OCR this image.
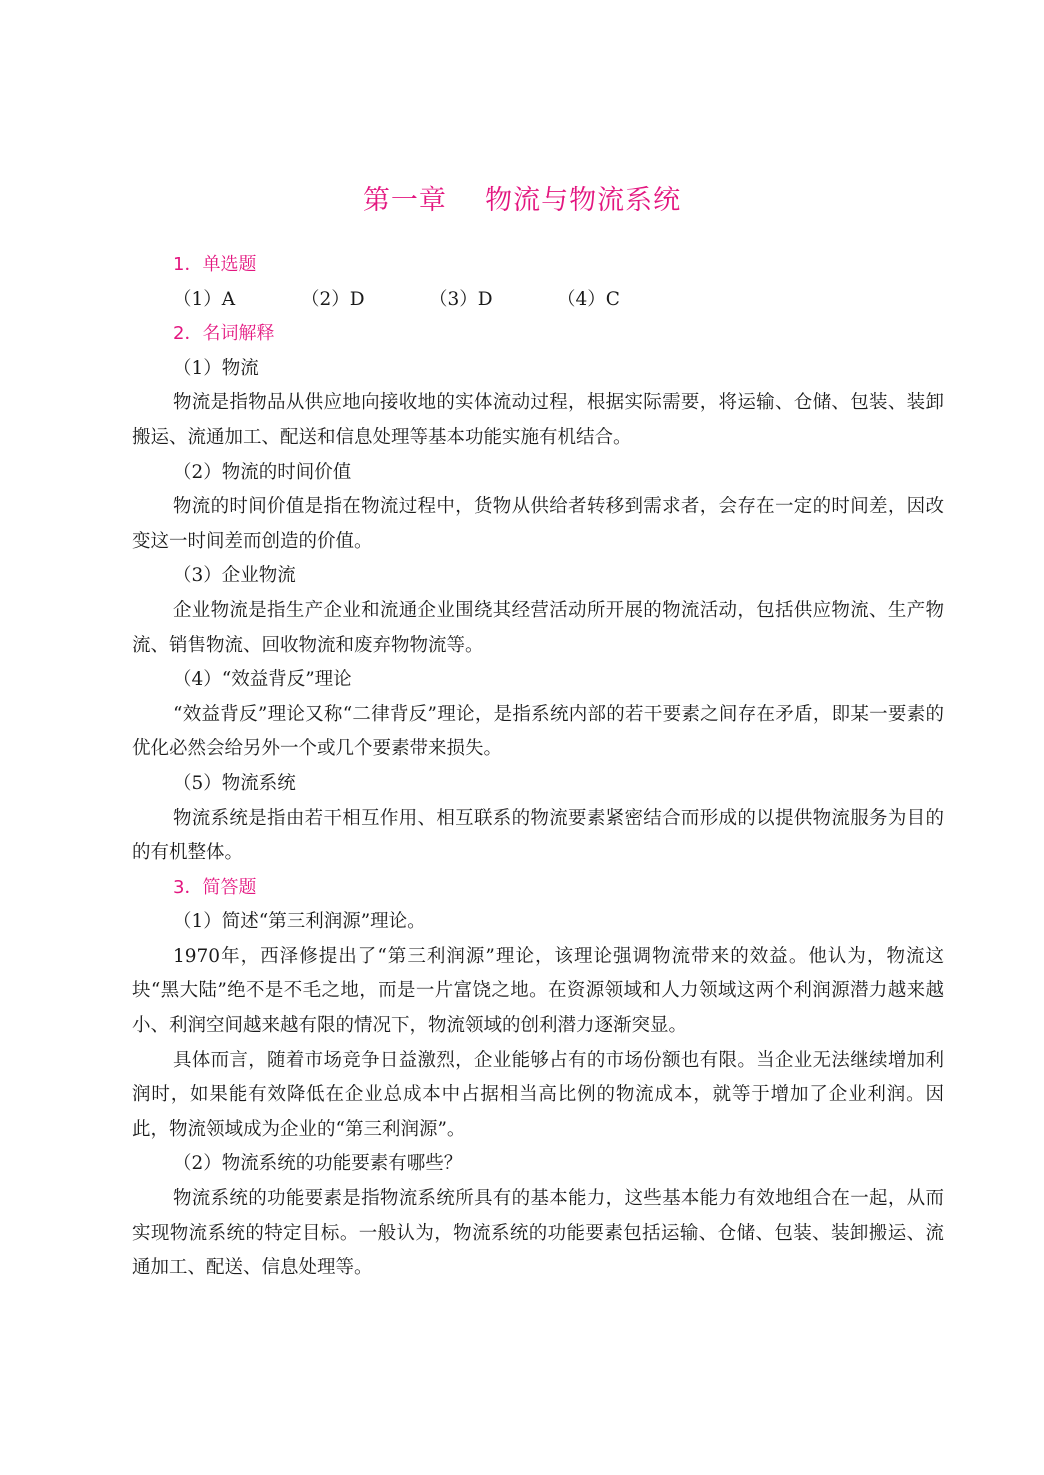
第一章    物流与物流系统

1．单选题

（1）A	（2）D	（3）D	（4）C

2．名词解释

（1）物流

物流是指物品从供应地向接收地的实体流动过程，根据实际需要，将运输、仓储、包装、装卸搬运、流通加工、配送和信息处理等基本功能实施有机结合。

（2）物流的时间价值

物流的时间价值是指在物流过程中，货物从供给者转移到需求者，会存在一定的时间差，因改变这一时间差而创造的价值。

（3）企业物流

企业物流是指生产企业和流通企业围绕其经营活动所开展的物流活动，包括供应物流、生产物流、销售物流、回收物流和废弃物物流等。

（4）“效益背反”理论

“效益背反”理论又称“二律背反”理论，是指系统内部的若干要素之间存在矛盾，即某一要素的优化必然会给另外一个或几个要素带来损失。

（5）物流系统

物流系统是指由若干相互作用、相互联系的物流要素紧密结合而形成的以提供物流服务为目的的有机整体。

3．简答题

（1）简述“第三利润源”理论。

1970年，西泽修提出了“第三利润源”理论，该理论强调物流带来的效益。他认为，物流这块“黑大陆”绝不是不毛之地，而是一片富饶之地。在资源领域和人力领域这两个利润源潜力越来越小、利润空间越来越有限的情况下，物流领域的创利潜力逐渐突显。

具体而言，随着市场竞争日益激烈，企业能够占有的市场份额也有限。当企业无法继续增加利润时，如果能有效降低在企业总成本中占据相当高比例的物流成本，就等于增加了企业利润。因此，物流领域成为企业的“第三利润源”。

（2）物流系统的功能要素有哪些？

物流系统的功能要素是指物流系统所具有的基本能力，这些基本能力有效地组合在一起，从而实现物流系统的特定目标。一般认为，物流系统的功能要素包括运输、仓储、包装、装卸搬运、流通加工、配送、信息处理等。
